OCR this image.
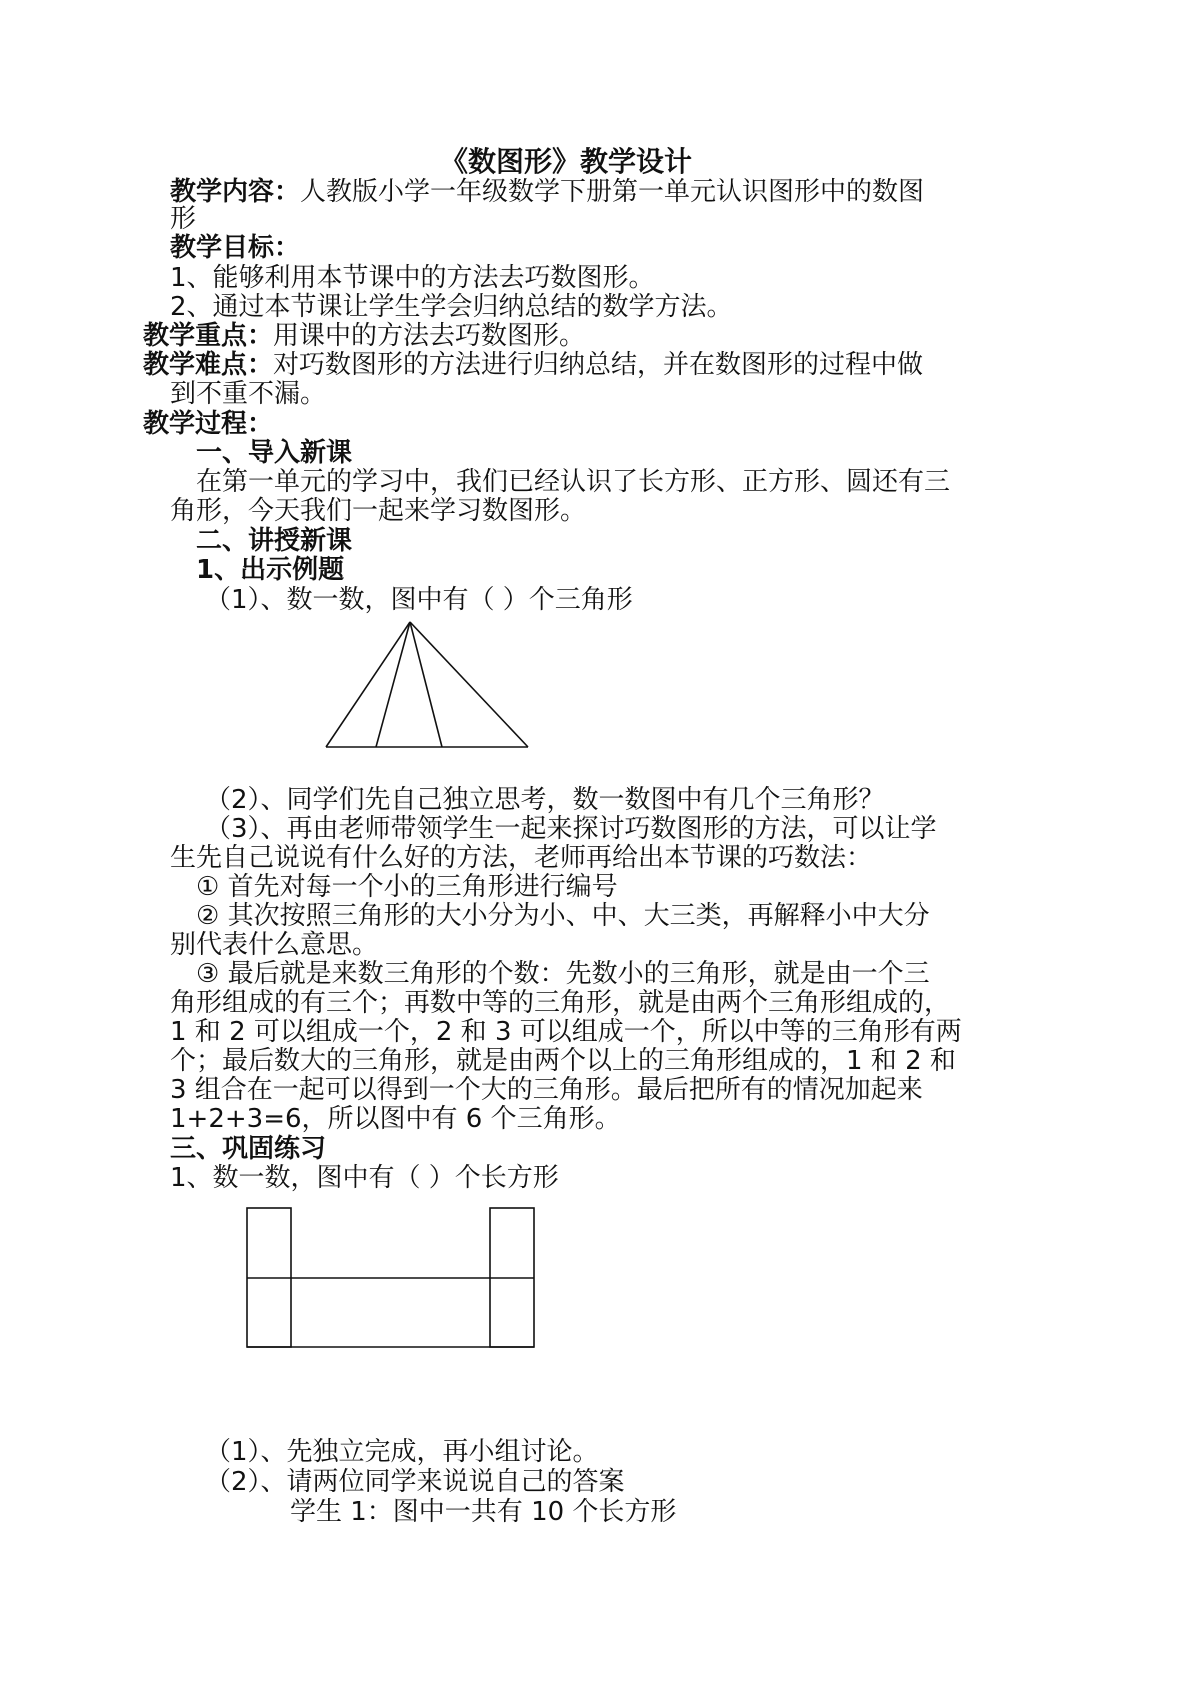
《数图形》教学设计
教学内容：人教版小学一年级数学下册第一单元认识图形中的数图
形
教学目标：
1、能够利用本节课中的方法去巧数图形。
2、通过本节课让学生学会归纳总结的数学方法。
教学重点：用课中的方法去巧数图形。
教学难点：对巧数图形的方法进行归纳总结，并在数图形的过程中做
到不重不漏。
教学过程：
一、导入新课
在第一单元的学习中，我们已经认识了长方形、正方形、圆还有三
角形，今天我们一起来学习数图形。
二、讲授新课
1、出示例题
（1）、数一数，图中有（ ）个三角形
（2）、同学们先自己独立思考，数一数图中有几个三角形？
（3）、再由老师带领学生一起来探讨巧数图形的方法，可以让学
生先自己说说有什么好的方法，老师再给出本节课的巧数法：
① 首先对每一个小的三角形进行编号
② 其次按照三角形的大小分为小、中、大三类，再解释小中大分
别代表什么意思。
③ 最后就是来数三角形的个数：先数小的三角形，就是由一个三
角形组成的有三个；再数中等的三角形，就是由两个三角形组成的，
1 和 2 可以组成一个，2 和 3 可以组成一个，所以中等的三角形有两
个；最后数大的三角形，就是由两个以上的三角形组成的，1 和 2 和
3 组合在一起可以得到一个大的三角形。最后把所有的情况加起来
1+2+3=6，所以图中有 6 个三角形。
三、巩固练习
1、数一数，图中有（ ）个长方形
（1）、先独立完成，再小组讨论。
（2）、请两位同学来说说自己的答案
学生 1：图中一共有 10 个长方形
